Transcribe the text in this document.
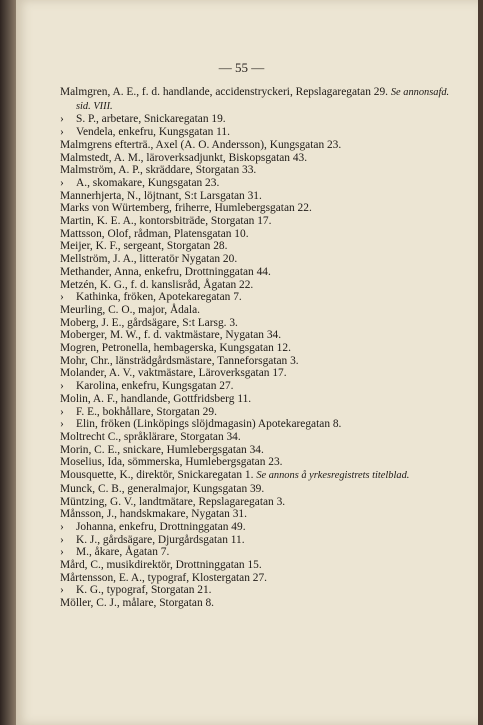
— 55 —
Malmgren, A. E., f. d. handlande, accidenstryckeri, Repslagaregatan 29. Se annonsafd. sid. VIII.
› S. P., arbetare, Snickaregatan 19.
› Vendela, enkefru, Kungsgatan 11.
Malmgrens efterträ., Axel (A. O. Andersson), Kungsgatan 23.
Malmstedt, A. M., läroverksadjunkt, Biskopsgatan 43.
Malmström, A. P., skräddare, Storgatan 33.
› A., skomakare, Kungsgatan 23.
Mannerhjerta, N., löjtnant, S:t Larsgatan 31.
Marks von Würtemberg, friherre, Humlebergsgatan 22.
Martin, K. E. A., kontorsbiträde, Storgatan 17.
Mattsson, Olof, rådman, Platensgatan 10.
Meijer, K. F., sergeant, Storgatan 28.
Mellström, J. A., litteratör Nygatan 20.
Methander, Anna, enkefru, Drottninggatan 44.
Metzén, K. G., f. d. kanslisråd, Ågatan 22.
› Kathinka, fröken, Apotekaregatan 7.
Meurling, C. O., major, Ådala.
Moberg, J. E., gårdsägare, S:t Larsg. 3.
Moberger, M. W., f. d. vaktmästare, Nygatan 34.
Mogren, Petronella, hembagerska, Kungsgatan 12.
Mohr, Chr., länsträdgårdsmästare, Tanneforsgatan 3.
Molander, A. V., vaktmästare, Läroverksgatan 17.
› Karolina, enkefru, Kungsgatan 27.
Molin, A. F., handlande, Gottfridsberg 11.
› F. E., bokhållare, Storgatan 29.
› Elin, fröken (Linköpings slöjdmagasin) Apotekaregatan 8.
Moltrecht C., språklärare, Storgatan 34.
Morin, C. E., snickare, Humlebergsgatan 34.
Moselius, Ida, sömmerska, Humlebergsgatan 23.
Mousquette, K., direktör, Snickaregatan 1. Se annons å yrkesregistrets titelblad.
Munck, C. B., generalmajor, Kungsgatan 39.
Müntzing, G. V., landtmätare, Repslagaregatan 3.
Månsson, J., handskmakare, Nygatan 31.
› Johanna, enkefru, Drottninggatan 49.
› K. J., gårdsägare, Djurgårdsgatan 11.
› M., åkare, Ågatan 7.
Mård, C., musikdirektör, Drottninggatan 15.
Mårtensson, E. A., typograf, Klostergatan 27.
› K. G., typograf, Storgatan 21.
Möller, C. J., målare, Storgatan 8.
